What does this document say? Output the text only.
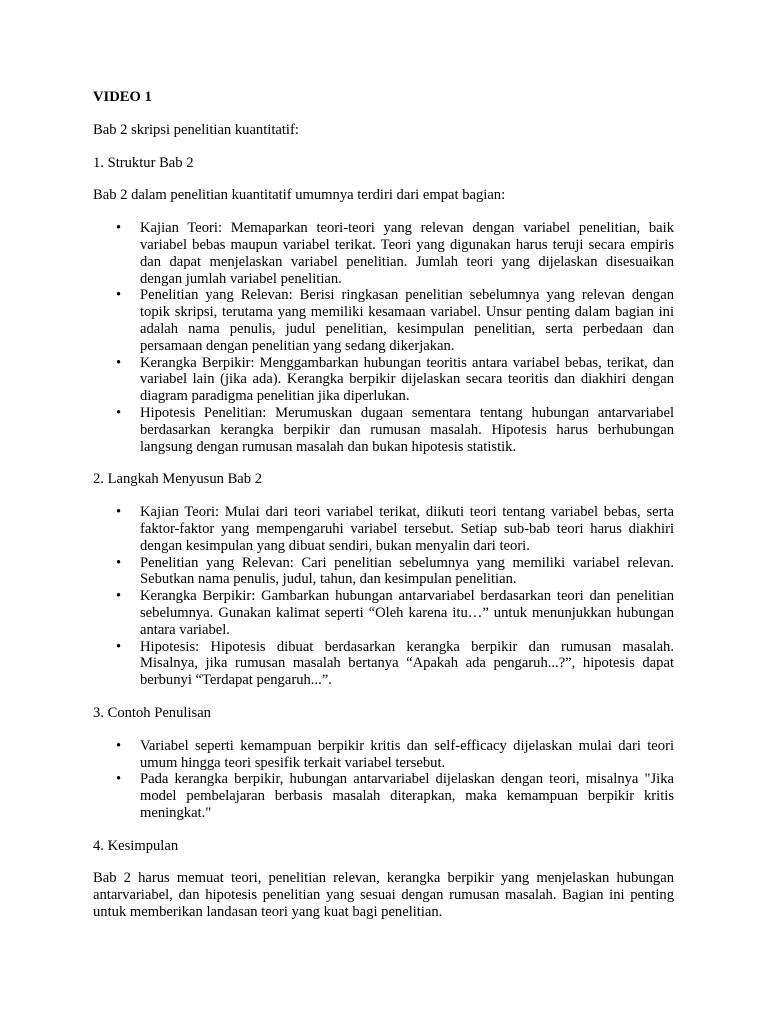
VIDEO 1

Bab 2 skripsi penelitian kuantitatif:

1. Struktur Bab 2

Bab 2 dalam penelitian kuantitatif umumnya terdiri dari empat bagian:

• Kajian Teori: Memaparkan teori-teori yang relevan dengan variabel penelitian, baik variabel bebas maupun variabel terikat. Teori yang digunakan harus teruji secara empiris dan dapat menjelaskan variabel penelitian. Jumlah teori yang dijelaskan disesuaikan dengan jumlah variabel penelitian.
• Penelitian yang Relevan: Berisi ringkasan penelitian sebelumnya yang relevan dengan topik skripsi, terutama yang memiliki kesamaan variabel. Unsur penting dalam bagian ini adalah nama penulis, judul penelitian, kesimpulan penelitian, serta perbedaan dan persamaan dengan penelitian yang sedang dikerjakan.
• Kerangka Berpikir: Menggambarkan hubungan teoritis antara variabel bebas, terikat, dan variabel lain (jika ada). Kerangka berpikir dijelaskan secara teoritis dan diakhiri dengan diagram paradigma penelitian jika diperlukan.
• Hipotesis Penelitian: Merumuskan dugaan sementara tentang hubungan antarvariabel berdasarkan kerangka berpikir dan rumusan masalah. Hipotesis harus berhubungan langsung dengan rumusan masalah dan bukan hipotesis statistik.

2. Langkah Menyusun Bab 2

• Kajian Teori: Mulai dari teori variabel terikat, diikuti teori tentang variabel bebas, serta faktor-faktor yang mempengaruhi variabel tersebut. Setiap sub-bab teori harus diakhiri dengan kesimpulan yang dibuat sendiri, bukan menyalin dari teori.
• Penelitian yang Relevan: Cari penelitian sebelumnya yang memiliki variabel relevan. Sebutkan nama penulis, judul, tahun, dan kesimpulan penelitian.
• Kerangka Berpikir: Gambarkan hubungan antarvariabel berdasarkan teori dan penelitian sebelumnya. Gunakan kalimat seperti “Oleh karena itu…” untuk menunjukkan hubungan antara variabel.
• Hipotesis: Hipotesis dibuat berdasarkan kerangka berpikir dan rumusan masalah. Misalnya, jika rumusan masalah bertanya “Apakah ada pengaruh...?”, hipotesis dapat berbunyi “Terdapat pengaruh...”.

3. Contoh Penulisan

• Variabel seperti kemampuan berpikir kritis dan self-efficacy dijelaskan mulai dari teori umum hingga teori spesifik terkait variabel tersebut.
• Pada kerangka berpikir, hubungan antarvariabel dijelaskan dengan teori, misalnya "Jika model pembelajaran berbasis masalah diterapkan, maka kemampuan berpikir kritis meningkat."

4. Kesimpulan

Bab 2 harus memuat teori, penelitian relevan, kerangka berpikir yang menjelaskan hubungan antarvariabel, dan hipotesis penelitian yang sesuai dengan rumusan masalah. Bagian ini penting untuk memberikan landasan teori yang kuat bagi penelitian.
